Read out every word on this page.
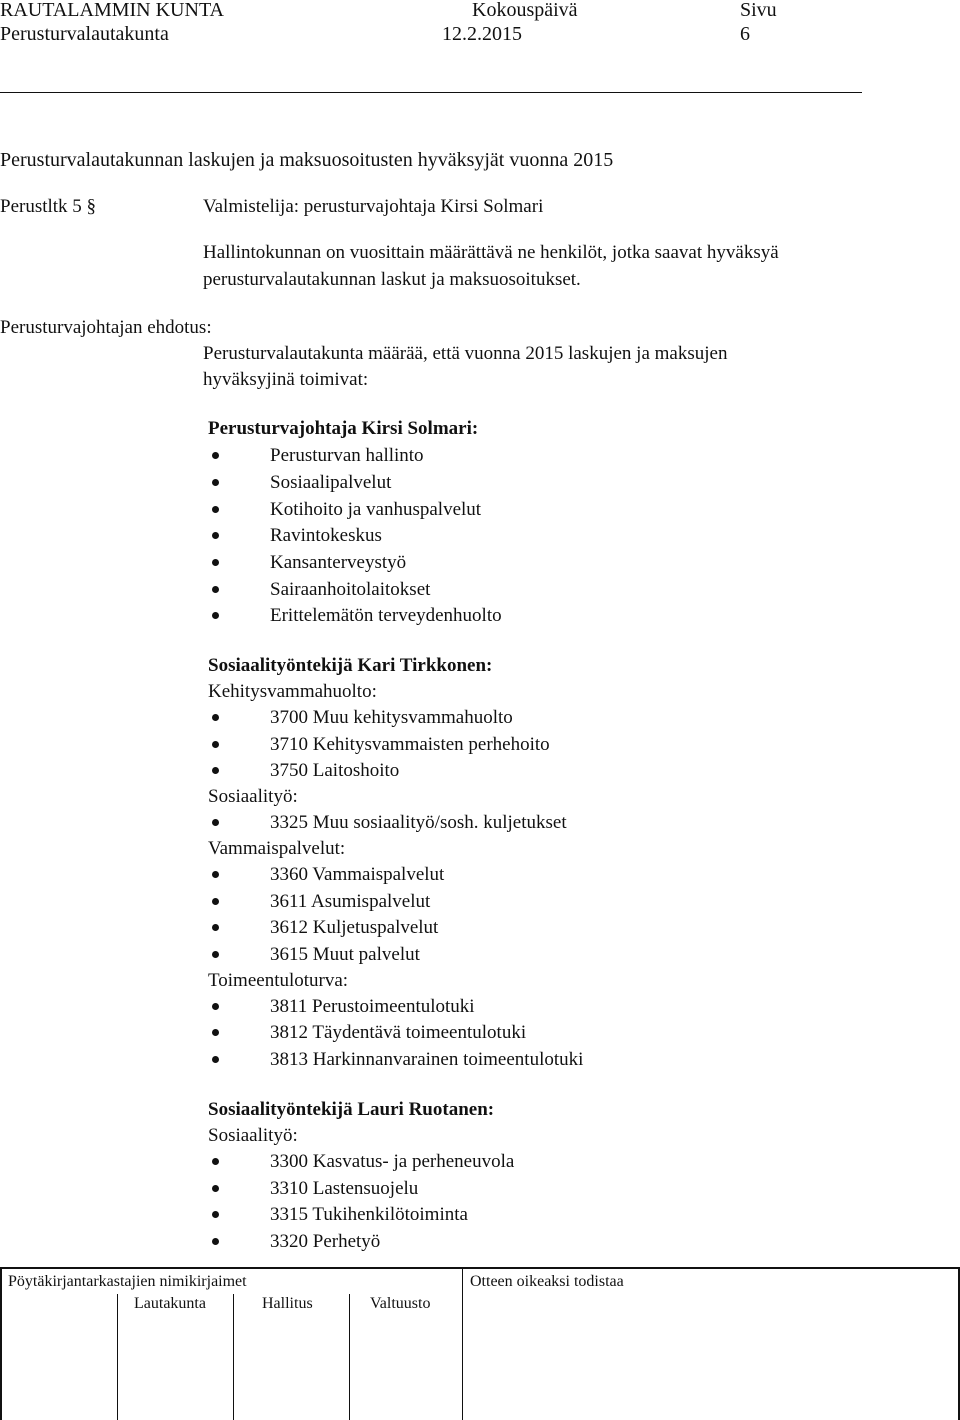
RAUTALAMMIN KUNTA	Kokouspäivä	Sivu
Perusturvalautakunta	12.2.2015	6
Perusturvalautakunnan laskujen ja maksuosoitusten hyväksyjät vuonna 2015
Perustltk 5 §	Valmistelija: perusturvajohtaja Kirsi Solmari
Hallintokunnan on vuosittain määrättävä ne henkilöt, jotka saavat hyväksyä
perusturvalautakunnan laskut ja maksuosoitukset.
Perusturvajohtajan ehdotus:
Perusturvalautakunta määrää, että vuonna 2015 laskujen ja maksujen
hyväksyjinä toimivat:
Perusturvajohtaja Kirsi Solmari:
Perusturvan hallinto
Sosiaalipalvelut
Kotihoito ja vanhuspalvelut
Ravintokeskus
Kansanterveystyö
Sairaanhoitolaitokset
Erittelemätön terveydenhuolto
Sosiaalityöntekijä Kari Tirkkonen:
Kehitysvammahuolto:
3700 Muu kehitysvammahuolto
3710 Kehitysvammaisten perhehoito
3750 Laitoshoito
Sosiaalityö:
3325 Muu sosiaalityö/sosh. kuljetukset
Vammaispalvelut:
3360 Vammaispalvelut
3611 Asumispalvelut
3612 Kuljetuspalvelut
3615 Muut palvelut
Toimeentuloturva:
3811 Perustoimeentulotuki
3812 Täydentävä toimeentulotuki
3813 Harkinnanvarainen toimeentulotuki
Sosiaalityöntekijä Lauri Ruotanen:
Sosiaalityö:
3300 Kasvatus- ja perheneuvola
3310 Lastensuojelu
3315 Tukihenkilötoiminta
3320 Perhetyö
Pöytäkirjantarkastajien nimikirjaimet	Otteen oikeaksi todistaa
Lautakunta	Hallitus	Valtuusto
